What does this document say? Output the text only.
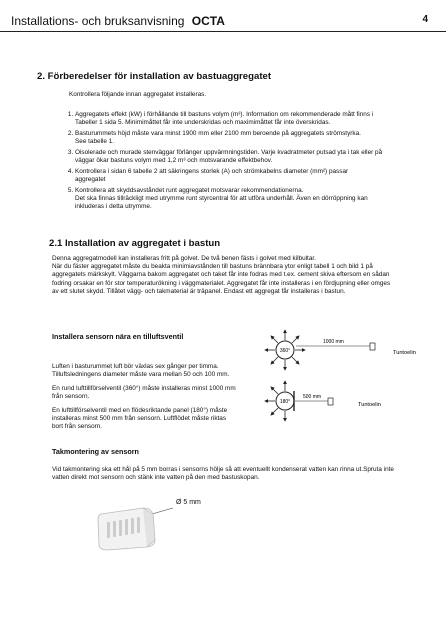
Installations- och bruksanvisning OCTA	4
2. Förberedelser för installation av bastuaggregatet
Kontrollera följande innan aggregatet installeras.
1. Aggregatets effekt (kW) i förhållande till bastuns volym (m³). Information om rekommenderade mått finns i
Tabeller 1 sida 5. Minimimåttet får inte underskridas och maximimåttet får inte överskridas.
2. Basturummets höjd måste vara minst 1900 mm eller 2100 mm beroende på aggregatets strömstyrka.
See tabelle 1.
3. Oisolerade och murade stenväggar förlänger uppvärmningstiden. Varje kvadratmeter putsad yta i tak eller på
väggar ökar bastuns volym med 1,2 m³ och motsvarande effektbehov.
4. Kontrollera i sidan 6 tabelle 2 att säkringens storlek (A) och strömkabelns diameter (mm²) passar
aggregatet
5. Kontrollera att skyddsavståndet runt aggregatet motsvarar rekommendationerna.
Det ska finnas tillräckligt med utrymme runt styrcentral för att utföra underhåll. Även en dörröppning kan
inkluderas i detta utrymme.
2.1 Installation av aggregatet i bastun
Denna aggregatmodell kan installeras fritt på golvet. De två benen fästs i golvet med kilbultar.
När du fäster aggregatet måste du beakta minimiavstånden till bastuns brännbara ytor enligt tabell 1 och bild 1 på
aggregatets märkskylt. Väggarna bakom aggregatet och taket får inte fodras med t.ex. cement skiva eftersom en sådan
fodring orsakar en för stor temperaturökning i väggmaterialet. Aggregatet får inte installeras i en fördjupning eller omges
av ett slutet skydd. Tillåtet vägg- och takmaterial är träpanel. Endast ett aggregat får installeras i bastun.
Installera sensorn nära en tilluftsventil
Luften i basturummet luft bör växlas sex gånger per timma.
Tilluftsledningens diameter måste vara mellan 50 och 100 mm.
En rund lufttillförselventil (360°) måste installeras minst 1000 mm
från sensorn.
En lufttillförselventil med en flödesriktande panel (180°) måste
installeras minst 500 mm från sensorn. Luftflödet måste riktas
bort från sensorn.
360°
1000 mm
Tuntoelin
180°
500 mm
Tuntoelin
Takmontering av sensorn
Vid takmontering ska ett hål på 5 mm borras i sensorns hölje så att eventuellt kondenserat vatten kan rinna ut.Spruta inte
vatten direkt mot sensorn och stänk inte vatten på den med bastuskopan.
Ø 5 mm
